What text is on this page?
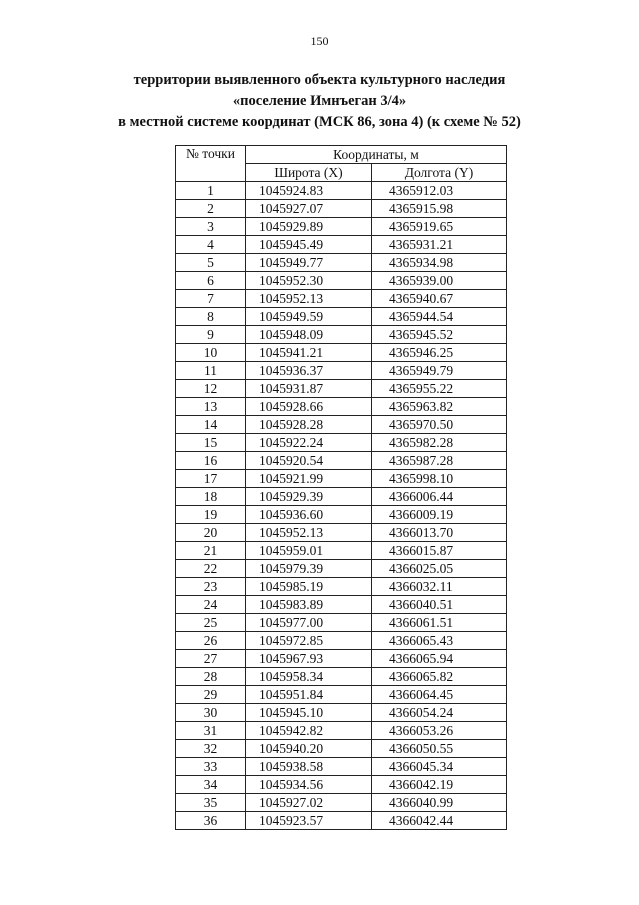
150
территории выявленного объекта культурного наследия
«поселение Имнъеган 3/4»
в местной системе координат (МСК 86, зона 4) (к схеме № 52)
№ точки	Координаты, м	
	Широта (X)	Долгота (Y)
1	1045924.83	4365912.03
2	1045927.07	4365915.98
3	1045929.89	4365919.65
4	1045945.49	4365931.21
5	1045949.77	4365934.98
6	1045952.30	4365939.00
7	1045952.13	4365940.67
8	1045949.59	4365944.54
9	1045948.09	4365945.52
10	1045941.21	4365946.25
11	1045936.37	4365949.79
12	1045931.87	4365955.22
13	1045928.66	4365963.82
14	1045928.28	4365970.50
15	1045922.24	4365982.28
16	1045920.54	4365987.28
17	1045921.99	4365998.10
18	1045929.39	4366006.44
19	1045936.60	4366009.19
20	1045952.13	4366013.70
21	1045959.01	4366015.87
22	1045979.39	4366025.05
23	1045985.19	4366032.11
24	1045983.89	4366040.51
25	1045977.00	4366061.51
26	1045972.85	4366065.43
27	1045967.93	4366065.94
28	1045958.34	4366065.82
29	1045951.84	4366064.45
30	1045945.10	4366054.24
31	1045942.82	4366053.26
32	1045940.20	4366050.55
33	1045938.58	4366045.34
34	1045934.56	4366042.19
35	1045927.02	4366040.99
36	1045923.57	4366042.44
